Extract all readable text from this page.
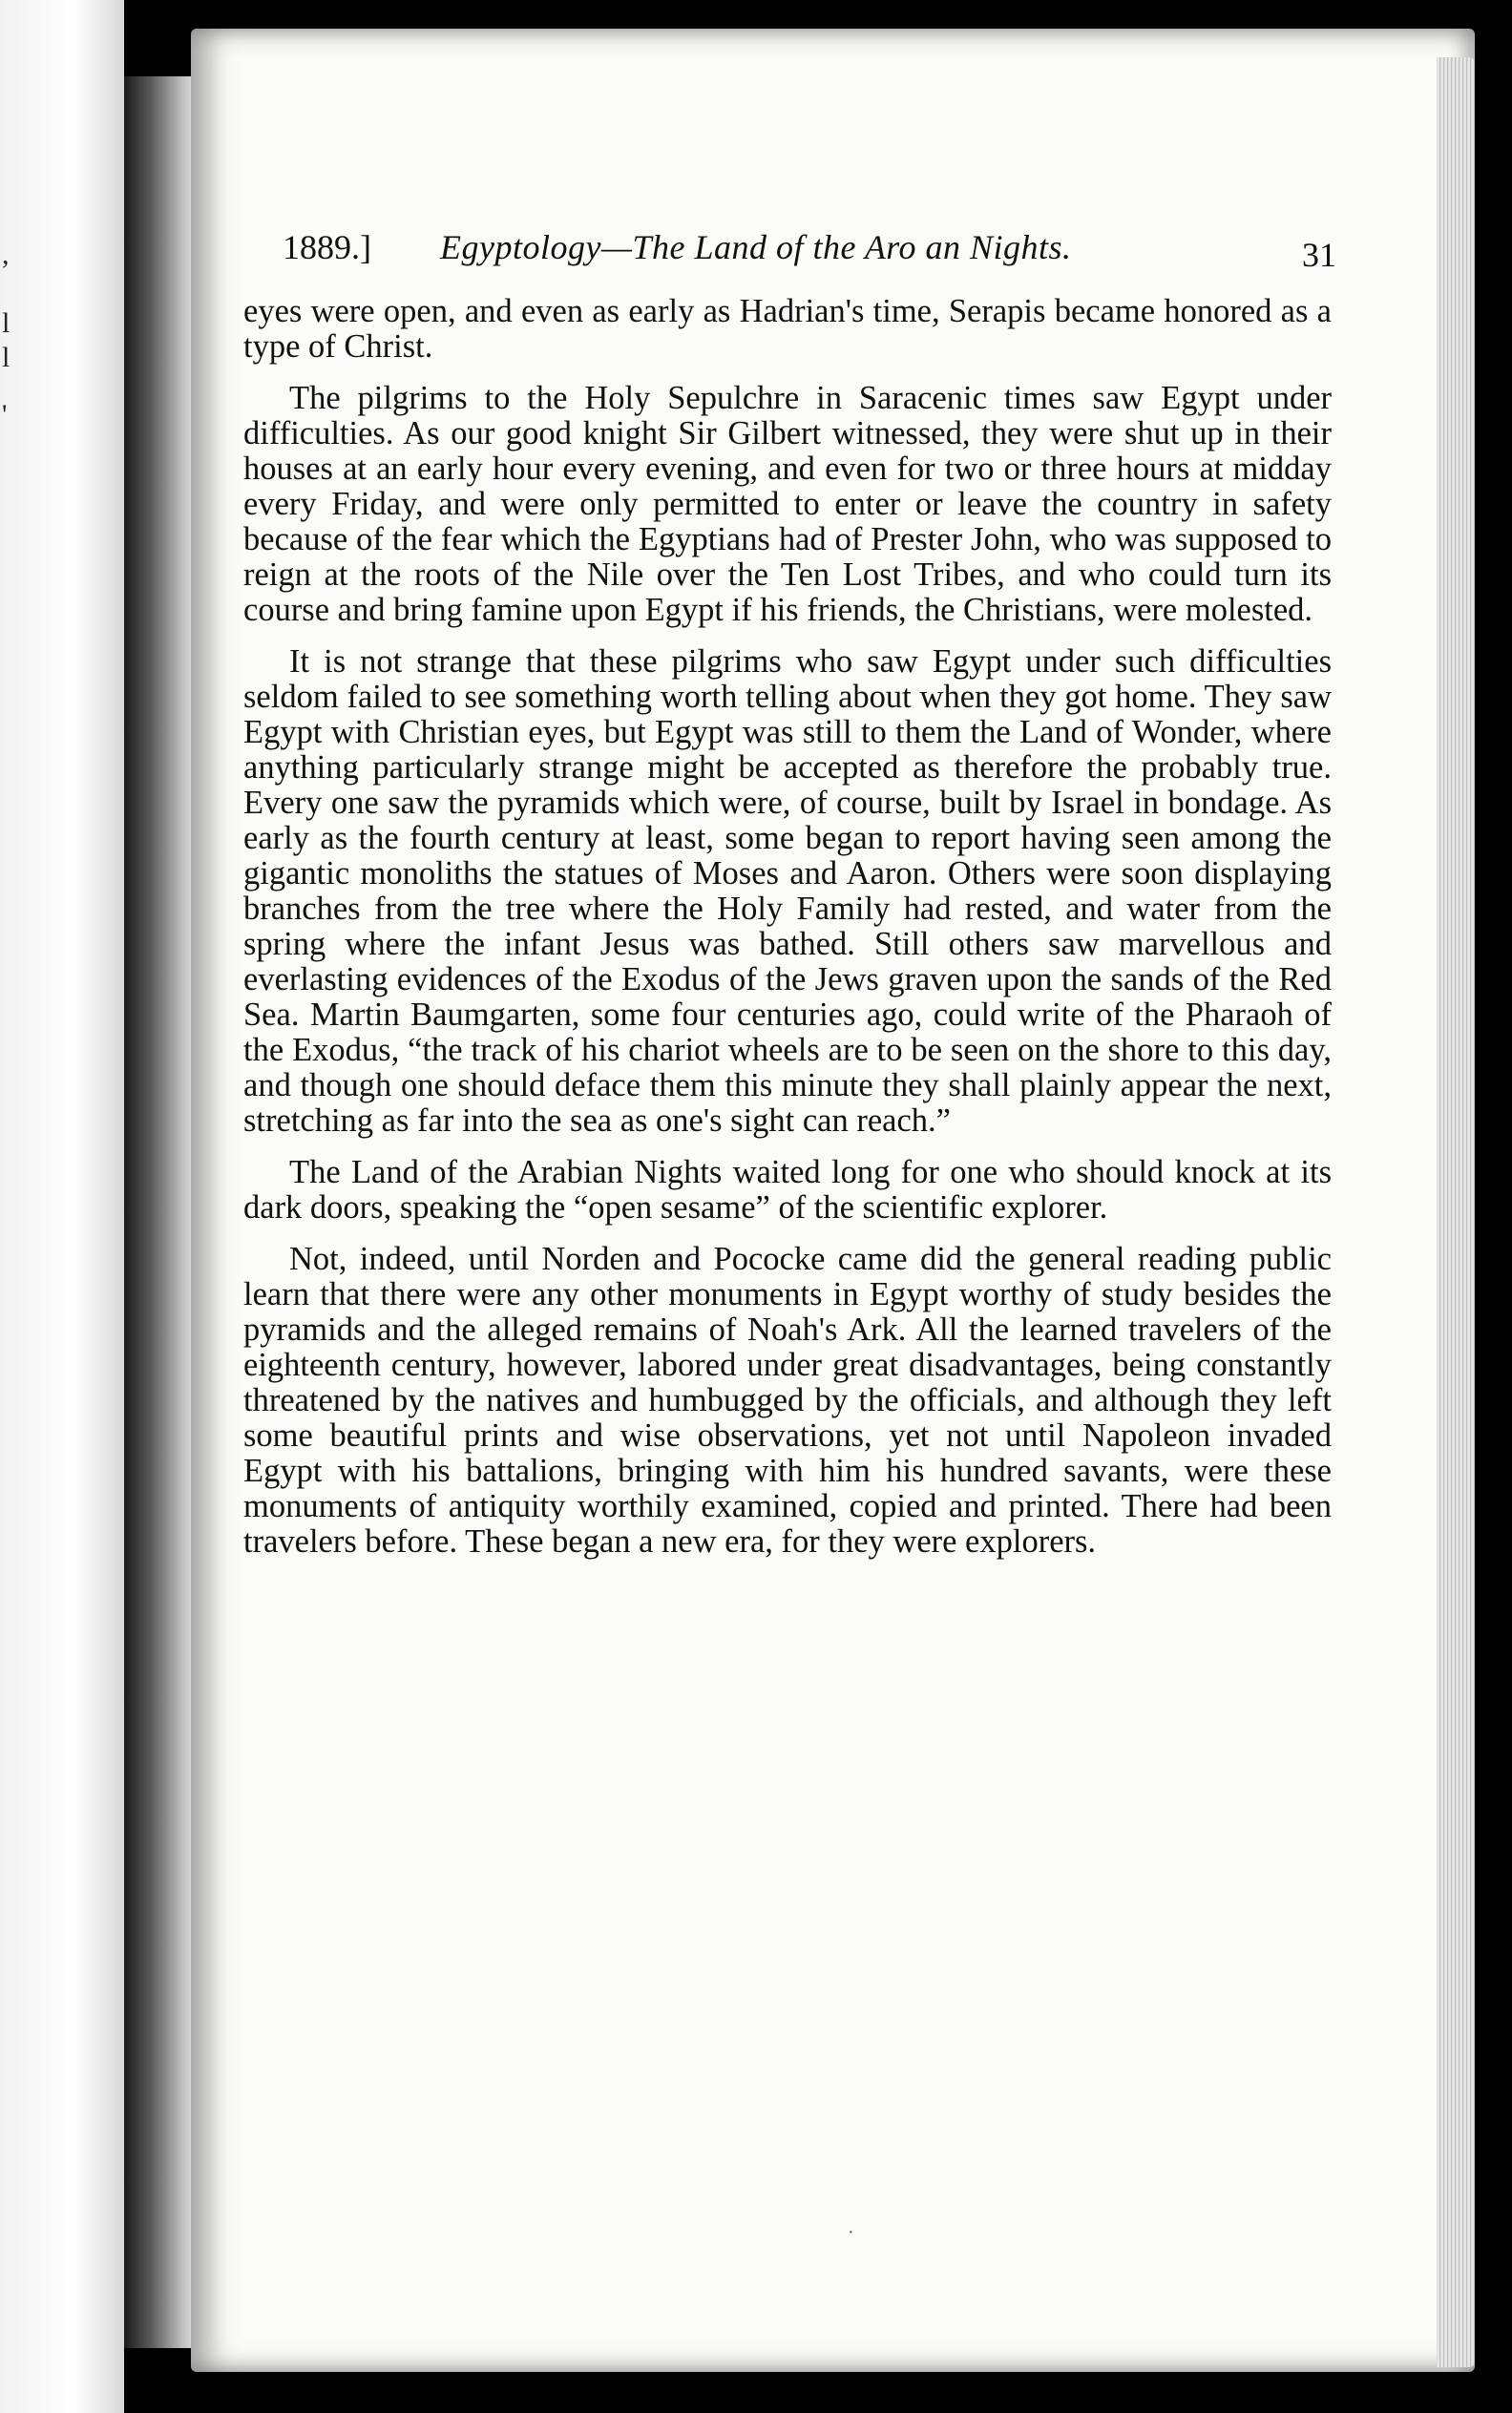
,
l
l
'
1889.] Egyptology—The Land of the Aro an Nights.	31

eyes were open, and even as early as Hadrian's time, Serapis became honored as a type of Christ.

The pilgrims to the Holy Sepulchre in Saracenic times saw Egypt under difficulties. As our good knight Sir Gilbert witnessed, they were shut up in their houses at an early hour every evening, and even for two or three hours at midday every Friday, and were only permitted to enter or leave the country in safety because of the fear which the Egyptians had of Prester John, who was supposed to reign at the roots of the Nile over the Ten Lost Tribes, and who could turn its course and bring famine upon Egypt if his friends, the Christians, were molested.

It is not strange that these pilgrims who saw Egypt under such difficulties seldom failed to see something worth telling about when they got home. They saw Egypt with Christian eyes, but Egypt was still to them the Land of Wonder, where anything particularly strange might be accepted as therefore the probably true. Every one saw the pyramids which were, of course, built by Israel in bondage. As early as the fourth century at least, some began to report having seen among the gigantic monoliths the statues of Moses and Aaron. Others were soon displaying branches from the tree where the Holy Family had rested, and water from the spring where the infant Jesus was bathed. Still others saw marvellous and everlasting evidences of the Exodus of the Jews graven upon the sands of the Red Sea. Martin Baumgarten, some four centuries ago, could write of the Pharaoh of the Exodus, “the track of his chariot wheels are to be seen on the shore to this day, and though one should deface them this minute they shall plainly appear the next, stretching as far into the sea as one's sight can reach.”

The Land of the Arabian Nights waited long for one who should knock at its dark doors, speaking the “open sesame” of the scientific explorer.

Not, indeed, until Norden and Pococke came did the general reading public learn that there were any other monuments in Egypt worthy of study besides the pyramids and the alleged remains of Noah's Ark. All the learned travelers of the eighteenth century, however, labored under great disadvantages, being constantly threatened by the natives and humbugged by the officials, and although they left some beautiful prints and wise observations, yet not until Napoleon invaded Egypt with his battalions, bringing with him his hundred savants, were these monuments of antiquity worthily examined, copied and printed. There had been travelers before. These began a new era, for they were explorers.

·
